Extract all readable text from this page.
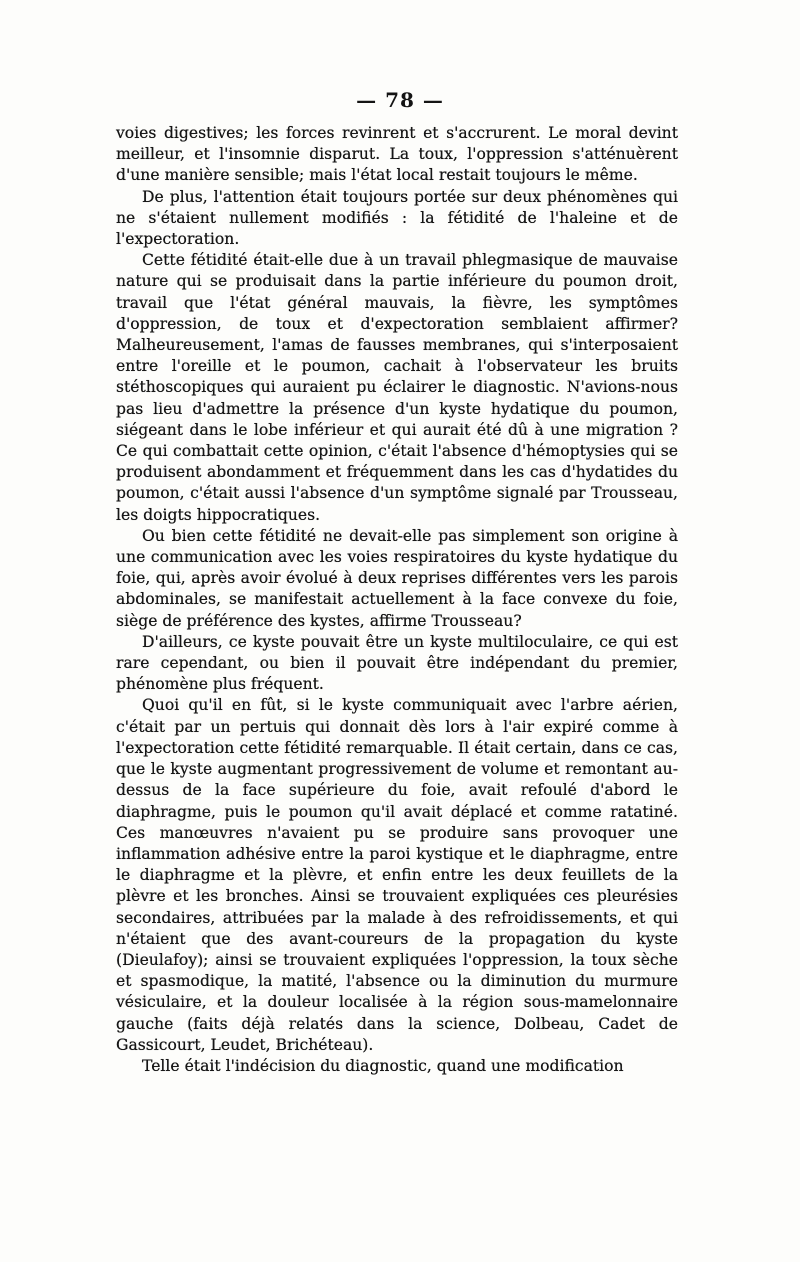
— 78 —

voies digestives; les forces revinrent et s'accrurent. Le moral devint meilleur, et l'insomnie disparut. La toux, l'oppression s'atténuèrent d'une manière sensible; mais l'état local restait toujours le même.

De plus, l'attention était toujours portée sur deux phénomènes qui ne s'étaient nullement modifiés : la fétidité de l'haleine et de l'expectoration.

Cette fétidité était-elle due à un travail phlegmasique de mauvaise nature qui se produisait dans la partie inférieure du poumon droit, travail que l'état général mauvais, la fièvre, les symptômes d'oppression, de toux et d'expectoration semblaient affirmer? Malheureusement, l'amas de fausses membranes, qui s'interposaient entre l'oreille et le poumon, cachait à l'observateur les bruits stéthoscopiques qui auraient pu éclairer le diagnostic. N'avions-nous pas lieu d'admettre la présence d'un kyste hydatique du poumon, siégeant dans le lobe inférieur et qui aurait été dû à une migration ? Ce qui combattait cette opinion, c'était l'absence d'hémoptysies qui se produisent abondamment et fréquemment dans les cas d'hydatides du poumon, c'était aussi l'absence d'un symptôme signalé par Trousseau, les doigts hippocratiques.

Ou bien cette fétidité ne devait-elle pas simplement son origine à une communication avec les voies respiratoires du kyste hydatique du foie, qui, après avoir évolué à deux reprises différentes vers les parois abdominales, se manifestait actuellement à la face convexe du foie, siège de préférence des kystes, affirme Trousseau?

D'ailleurs, ce kyste pouvait être un kyste multiloculaire, ce qui est rare cependant, ou bien il pouvait être indépendant du premier, phénomène plus fréquent.

Quoi qu'il en fût, si le kyste communiquait avec l'arbre aérien, c'était par un pertuis qui donnait dès lors à l'air expiré comme à l'expectoration cette fétidité remarquable. Il était certain, dans ce cas, que le kyste augmentant progressivement de volume et remontant au-dessus de la face supérieure du foie, avait refoulé d'abord le diaphragme, puis le poumon qu'il avait déplacé et comme ratatiné. Ces manœuvres n'avaient pu se produire sans provoquer une inflammation adhésive entre la paroi kystique et le diaphragme, entre le diaphragme et la plèvre, et enfin entre les deux feuillets de la plèvre et les bronches. Ainsi se trouvaient expliquées ces pleurésies secondaires, attribuées par la malade à des refroidissements, et qui n'étaient que des avant-coureurs de la propagation du kyste (Dieulafoy); ainsi se trouvaient expliquées l'oppression, la toux sèche et spasmodique, la matité, l'absence ou la diminution du murmure vésiculaire, et la douleur localisée à la région sous-mamelonnaire gauche (faits déjà relatés dans la science, Dolbeau, Cadet de Gassicourt, Leudet, Brichéteau).

Telle était l'indécision du diagnostic, quand une modification
